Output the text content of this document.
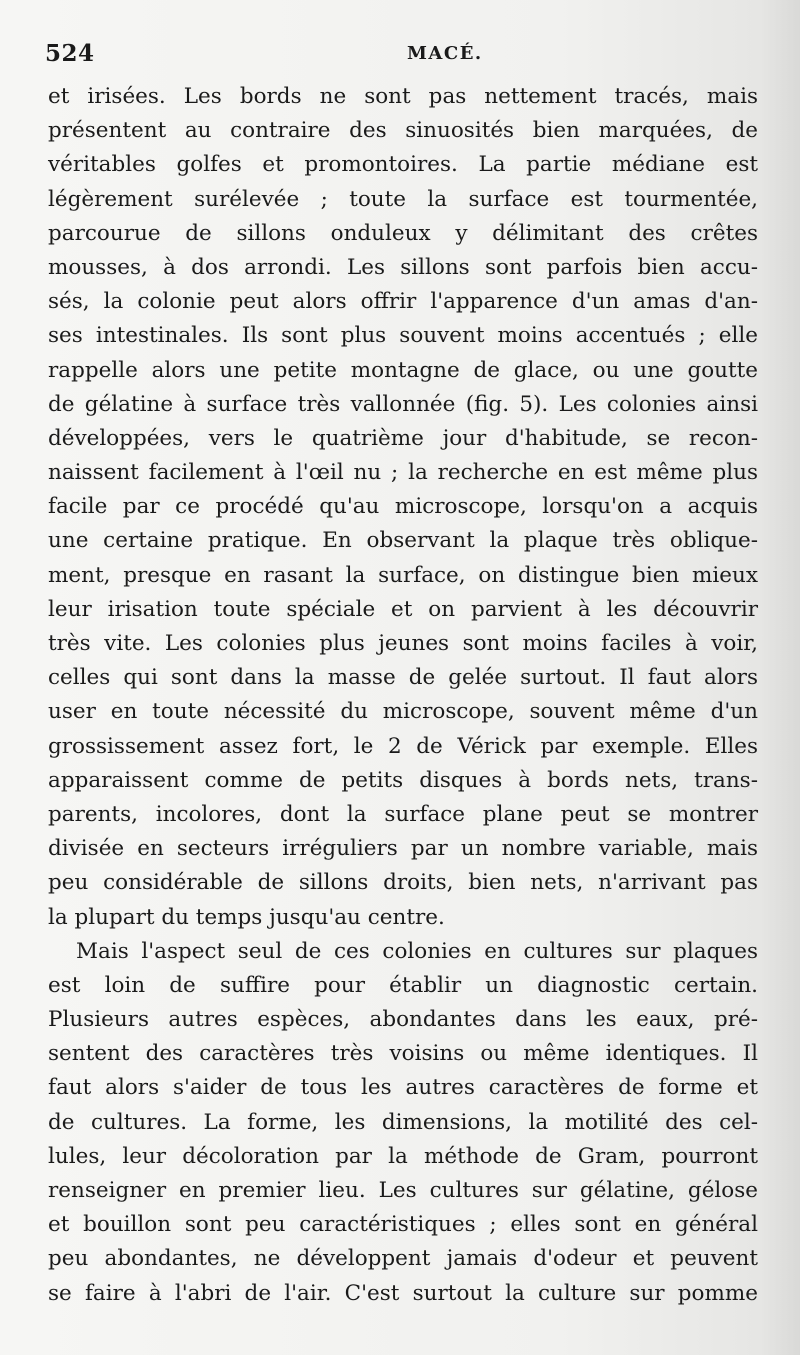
524	MACÉ.
et irisées. Les bords ne sont pas nettement tracés, mais
présentent au contraire des sinuosités bien marquées, de
véritables golfes et promontoires. La partie médiane est
légèrement surélevée ; toute la surface est tourmentée,
parcourue de sillons onduleux y délimitant des crêtes
mousses, à dos arrondi. Les sillons sont parfois bien accu-
sés, la colonie peut alors offrir l'apparence d'un amas d'an-
ses intestinales. Ils sont plus souvent moins accentués ; elle
rappelle alors une petite montagne de glace, ou une goutte
de gélatine à surface très vallonnée (fig. 5). Les colonies ainsi
développées, vers le quatrième jour d'habitude, se recon-
naissent facilement à l'œil nu ; la recherche en est même plus
facile par ce procédé qu'au microscope, lorsqu'on a acquis
une certaine pratique. En observant la plaque très oblique-
ment, presque en rasant la surface, on distingue bien mieux
leur irisation toute spéciale et on parvient à les découvrir
très vite. Les colonies plus jeunes sont moins faciles à voir,
celles qui sont dans la masse de gelée surtout. Il faut alors
user en toute nécessité du microscope, souvent même d'un
grossissement assez fort, le 2 de Vérick par exemple. Elles
apparaissent comme de petits disques à bords nets, trans-
parents, incolores, dont la surface plane peut se montrer
divisée en secteurs irréguliers par un nombre variable, mais
peu considérable de sillons droits, bien nets, n'arrivant pas
la plupart du temps jusqu'au centre.
Mais l'aspect seul de ces colonies en cultures sur plaques
est loin de suffire pour établir un diagnostic certain.
Plusieurs autres espèces, abondantes dans les eaux, pré-
sentent des caractères très voisins ou même identiques. Il
faut alors s'aider de tous les autres caractères de forme et
de cultures. La forme, les dimensions, la motilité des cel-
lules, leur décoloration par la méthode de Gram, pourront
renseigner en premier lieu. Les cultures sur gélatine, gélose
et bouillon sont peu caractéristiques ; elles sont en général
peu abondantes, ne développent jamais d'odeur et peuvent
se faire à l'abri de l'air. C'est surtout la culture sur pomme
